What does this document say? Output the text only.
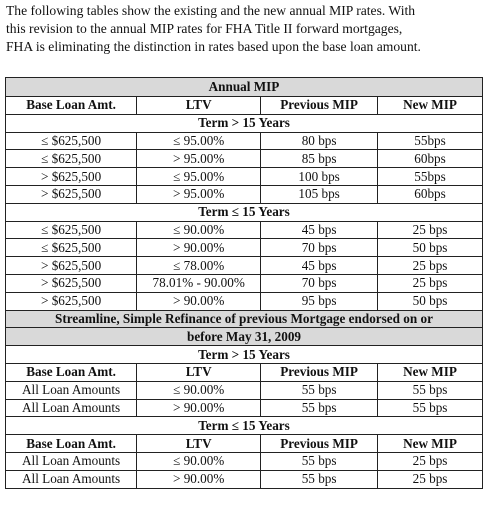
The following tables show the existing and the new annual MIP rates. With
this revision to the annual MIP rates for FHA Title II forward mortgages,
FHA is eliminating the distinction in rates based upon the base loan amount.
Annual MIP			
Base Loan Amt.	LTV	Previous MIP	New MIP
Term > 15 Years			
≤ $625,500	≤ 95.00%	80 bps	55bps
≤ $625,500	> 95.00%	85 bps	60bps
> $625,500	≤ 95.00%	100 bps	55bps
> $625,500	> 95.00%	105 bps	60bps
Term ≤ 15 Years			
≤ $625,500	≤ 90.00%	45 bps	25 bps
≤ $625,500	> 90.00%	70 bps	50 bps
> $625,500	≤ 78.00%	45 bps	25 bps
> $625,500	78.01% - 90.00%	70 bps	25 bps
> $625,500	> 90.00%	95 bps	50 bps
Streamline, Simple Refinance of previous Mortgage endorsed on or			
before May 31, 2009			
Term > 15 Years			
Base Loan Amt.	LTV	Previous MIP	New MIP
All Loan Amounts	≤ 90.00%	55 bps	55 bps
All Loan Amounts	> 90.00%	55 bps	55 bps
Term ≤ 15 Years			
Base Loan Amt.	LTV	Previous MIP	New MIP
All Loan Amounts	≤ 90.00%	55 bps	25 bps
All Loan Amounts	> 90.00%	55 bps	25 bps
